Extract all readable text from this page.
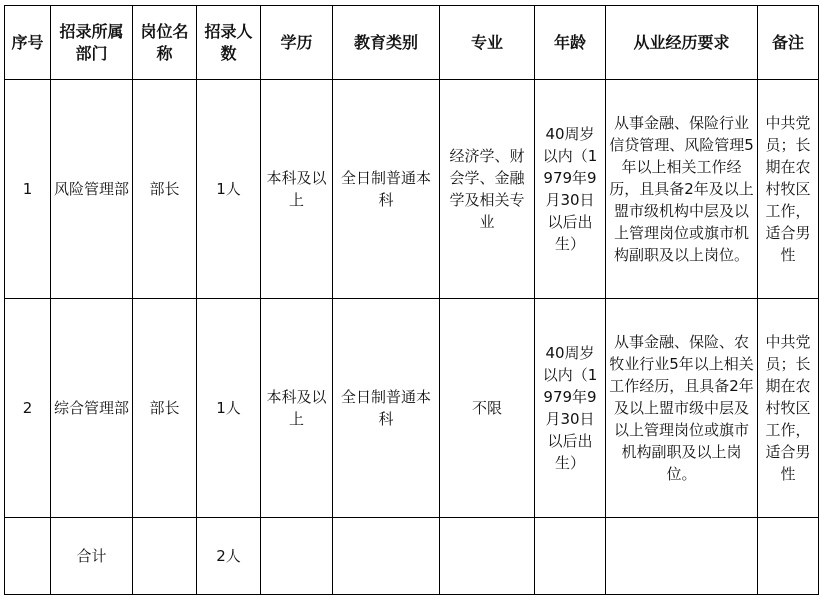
序号	招录所属部门	岗位名称	招录人数	学历	教育类别	专业	年龄	从业经历要求	备注
1	风险管理部	部长	1人	本科及以上	全日制普通本科	经济学、财会学、金融学及相关专业	40周岁以内（1979年9月30日以后出生）	从事金融、保险行业信贷管理、风险管理5年以上相关工作经历，且具备2年及以上盟市级机构中层及以上管理岗位或旗市机构副职及以上岗位。	中共党员；长期在农村牧区工作，适合男性
2	综合管理部	部长	1人	本科及以上	全日制普通本科	不限	40周岁以内（1979年9月30日以后出生）	从事金融、保险、农牧业行业5年以上相关工作经历，且具备2年及以上盟市级中层及以上管理岗位或旗市机构副职及以上岗位。	中共党员；长期在农村牧区工作，适合男性
	合计		2人						
